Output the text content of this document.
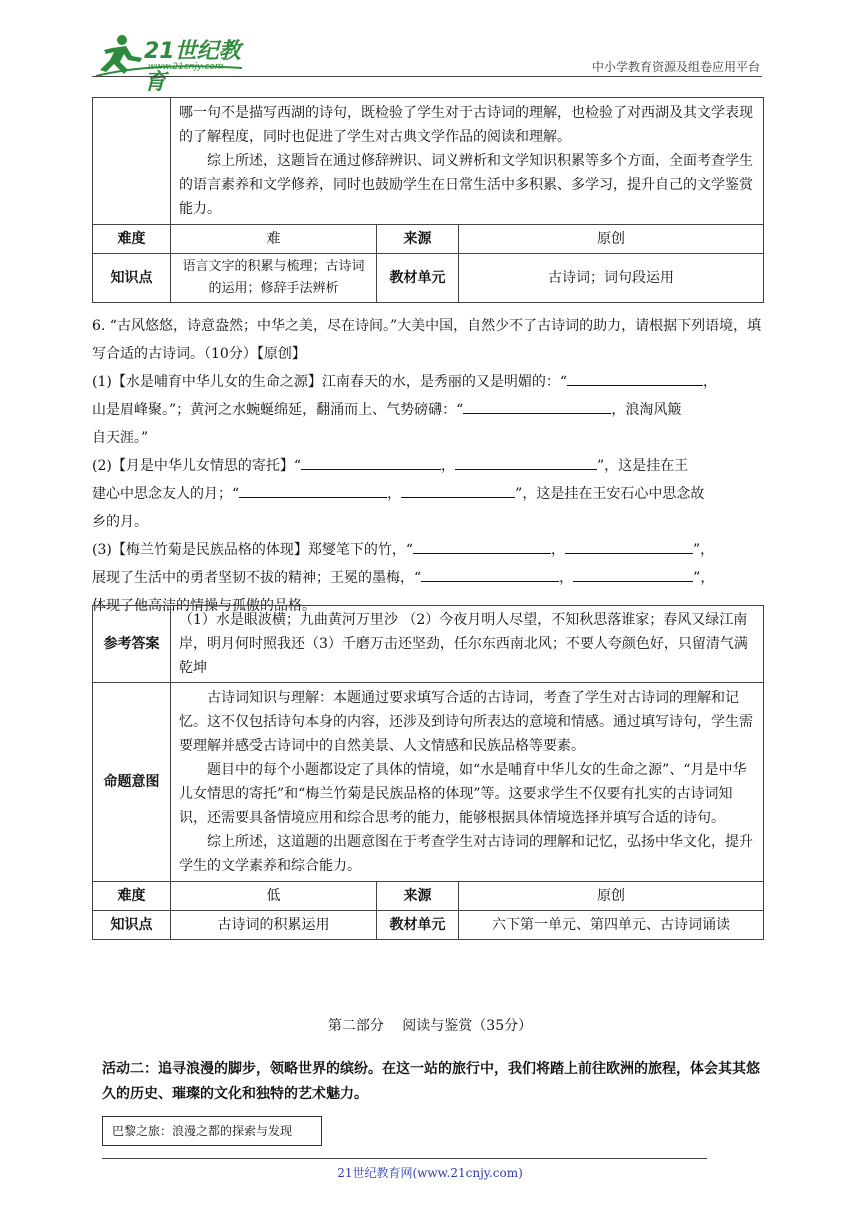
21世纪教育
www.21cnjy.com	中小学教育资源及组卷应用平台

	哪一句不是描写西湖的诗句，既检验了学生对于古诗词的理解，也检验了对西湖及其文学表现的了解程度，同时也促进了学生对古典文学作品的阅读和理解。

综上所述，这题旨在通过修辞辨识、词义辨析和文学知识积累等多个方面，全面考查学生的语言素养和文学修养，同时也鼓励学生在日常生活中多积累、多学习，提升自己的文学鉴赏能力。		

难度	难	来源	原创
知识点	语言文字的积累与梳理；古诗词的运用；修辞手法辨析	教材单元	古诗词；词句段运用

6. “古风悠悠，诗意盎然；中华之美，尽在诗间。”大美中国，自然少不了古诗词的助力，请根据下列语境，填写合适的古诗词。（10分）【原创】

(1)【水是哺育中华儿女的生命之源】江南春天的水，是秀丽的又是明媚的：“	，
山是眉峰聚。”；黄河之水蜿蜒绵延，翻涌而上、气势磅礴：“	，浪淘风簸
自天涯。”

(2)【月是中华儿女情思的寄托】“	，	”，这是挂在王
建心中思念友人的月；“	，	”，这是挂在王安石心中思念故
乡的月。

(3)【梅兰竹菊是民族品格的体现】郑燮笔下的竹，“	，	”，
展现了生活中的勇者坚韧不拔的精神；王冕的墨梅，“	，	”，
体现了他高洁的情操与孤傲的品格。

参考答案	（1）水是眼波横；九曲黄河万里沙 （2）今夜月明人尽望，不知秋思落谁家；春风又绿江南岸，明月何时照我还（3）千磨万击还坚劲，任尔东西南北风；不要人夸颜色好，只留清气满乾坤		
命题意图	古诗词知识与理解：本题通过要求填写合适的古诗词，考查了学生对古诗词的理解和记忆。这不仅包括诗句本身的内容，还涉及到诗句所表达的意境和情感。通过填写诗句，学生需要理解并感受古诗词中的自然美景、人文情感和民族品格等要素。

题目中的每个小题都设定了具体的情境，如“水是哺育中华儿女的生命之源”、“月是中华儿女情思的寄托”和“梅兰竹菊是民族品格的体现”等。这要求学生不仅要有扎实的古诗词知识，还需要具备情境应用和综合思考的能力，能够根据具体情境选择并填写合适的诗句。

综上所述，这道题的出题意图在于考查学生对古诗词的理解和记忆，弘扬中华文化，提升学生的文学素养和综合能力。		

难度	低	来源	原创
知识点	古诗词的积累运用	教材单元	六下第一单元、第四单元、古诗词诵读
第二部分　 阅读与鉴赏（35分）
活动二：追寻浪漫的脚步，领略世界的缤纷。在这一站的旅行中，我们将踏上前往欧洲的旅程，体会其其悠久的历史、璀璨的文化和独特的艺术魅力。
巴黎之旅：浪漫之都的探索与发现
21世纪教育网(www.21cnjy.com)
